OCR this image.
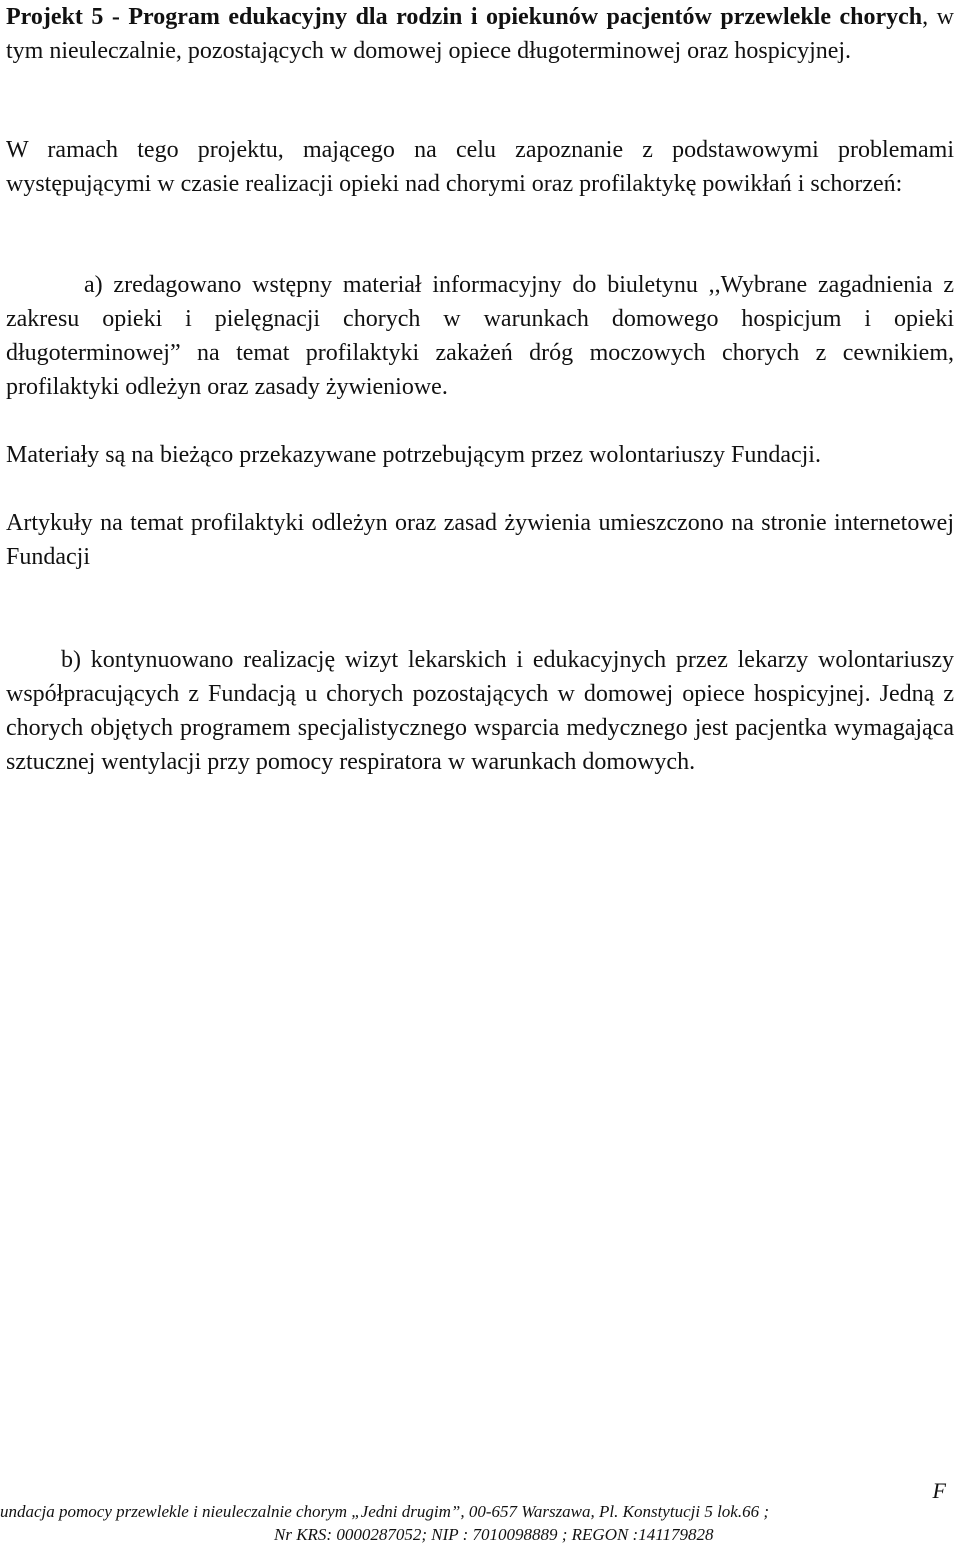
Projekt 5 - Program edukacyjny dla rodzin i opiekunów pacjentów przewlekle chorych, w tym nieuleczalnie, pozostających w domowej opiece długoterminowej oraz hospicyjnej.
W ramach tego projektu, mającego na celu zapoznanie z podstawowymi problemami występującymi w czasie realizacji opieki nad chorymi oraz profilaktykę powikłań i schorzeń:
a) zredagowano wstępny materiał informacyjny do biuletynu ,,Wybrane zagadnienia z zakresu opieki i pielęgnacji chorych w warunkach domowego hospicjum i opieki długoterminowej” na temat profilaktyki zakażeń dróg moczowych chorych z cewnikiem, profilaktyki odleżyn oraz zasady żywieniowe.
Materiały są na bieżąco przekazywane potrzebującym przez wolontariuszy Fundacji.
Artykuły na temat profilaktyki odleżyn oraz zasad żywienia umieszczono na stronie internetowej Fundacji
b) kontynuowano realizację wizyt lekarskich i edukacyjnych przez lekarzy wolontariuszy współpracujących z Fundacją u chorych pozostających w domowej opiece hospicyjnej. Jedną z chorych objętych programem specjalistycznego wsparcia medycznego jest pacjentka wymagająca sztucznej wentylacji przy pomocy respiratora w warunkach domowych.
F
undacja pomocy przewlekle i nieuleczalnie chorym „Jedni drugim”, 00-657 Warszawa, Pl. Konstytucji 5 lok.66 ;
Nr KRS: 0000287052; NIP : 7010098889 ; REGON :141179828
